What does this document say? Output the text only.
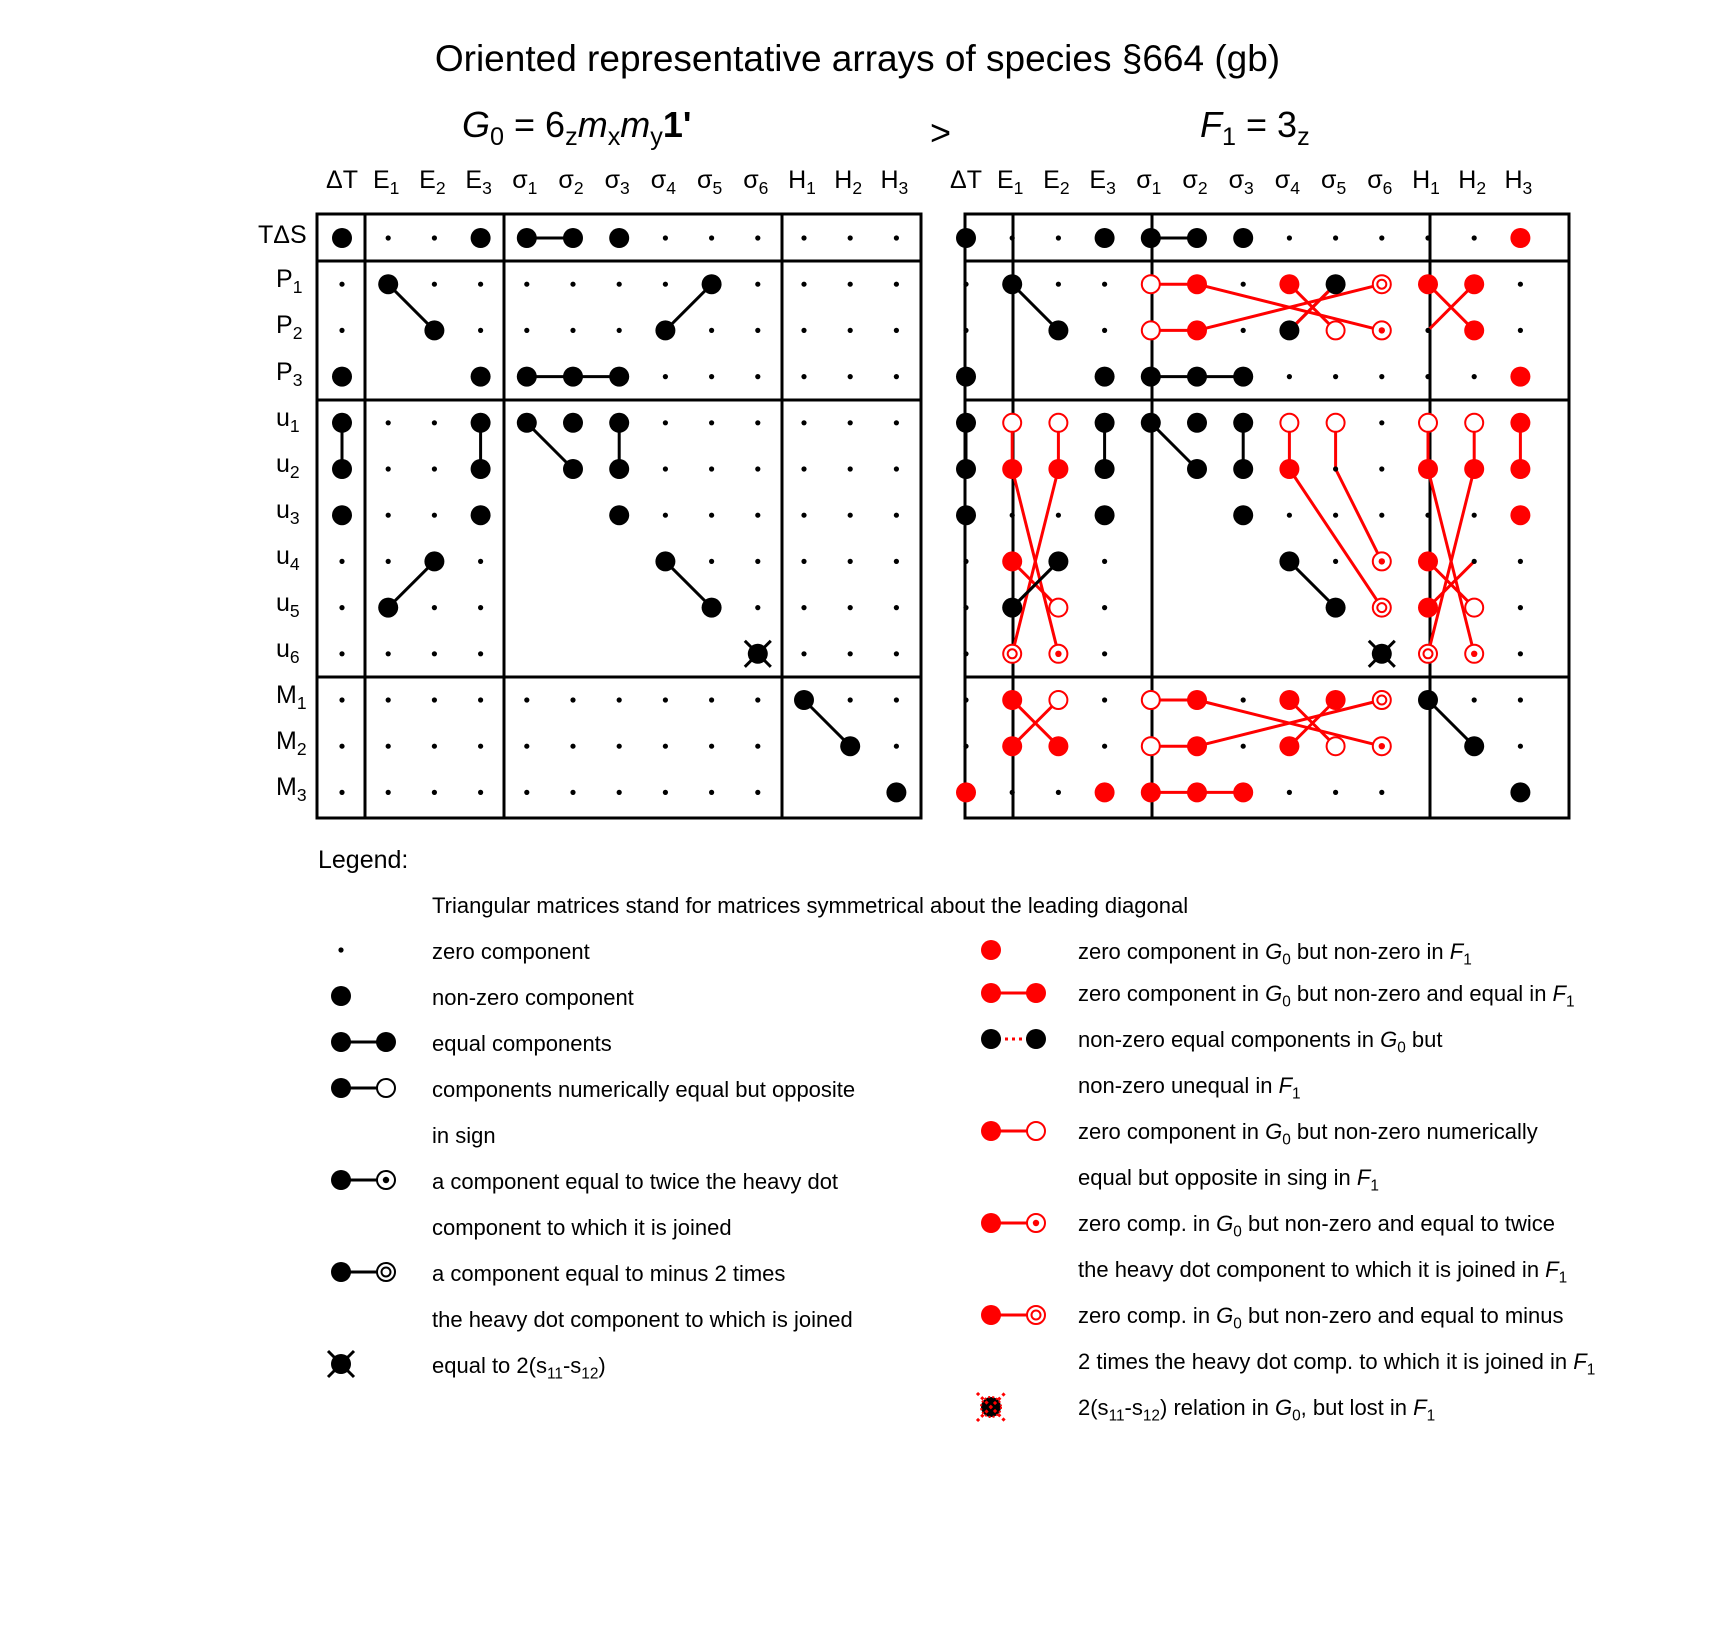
Oriented representative arrays of species §664 (gb)
$G_0 = 6_zm_xm_y1'$	>	$F_1 = 3_z$
ΔT $E_1$ $E_2$ $E_3$ $\sigma_1$ $\sigma_2$ $\sigma_3$ $\sigma_4$ $\sigma_5$ $\sigma_6$ $H_1$ $H_2$ $H_3$ ΔT $E_1$ $E_2$ $E_3$ $\sigma_1$ $\sigma_2$ $\sigma_3$ $\sigma_4$ $\sigma_5$ $\sigma_6$ $H_1$ $H_2$ $H_3$
TΔS
$P_1$
$P_2$
$P_3$
$u_1$
$u_2$
$u_3$
$u_4$
$u_5$
$u_6$
$M_1$
$M_2$
$M_3$
Legend:
Triangular matrices stand for matrices symmetrical about the leading diagonal
zero component
non-zero component
equal components
components numerically equal but opposite
in sign
a component equal to twice the heavy dot
component to which it is joined
a component equal to minus 2 times
the heavy dot component to which is joined
equal to $2(s_{11}-s_{12})$
zero component in $G_0$ but non-zero in $F_1$
zero component in $G_0$ but non-zero and equal in $F_1$
non-zero equal components in $G_0$ but
non-zero unequal in $F_1$
zero component in $G_0$ but non-zero numerically
equal but opposite in sing in $F_1$
zero comp. in $G_0$ but non-zero and equal to twice
the heavy dot component to which it is joined in $F_1$
zero comp. in $G_0$ but non-zero and equal to minus
2 times the heavy dot comp. to which it is joined in $F_1$
$2(s_{11}-s_{12})$ relation in $G_0$, but lost in $F_1$
